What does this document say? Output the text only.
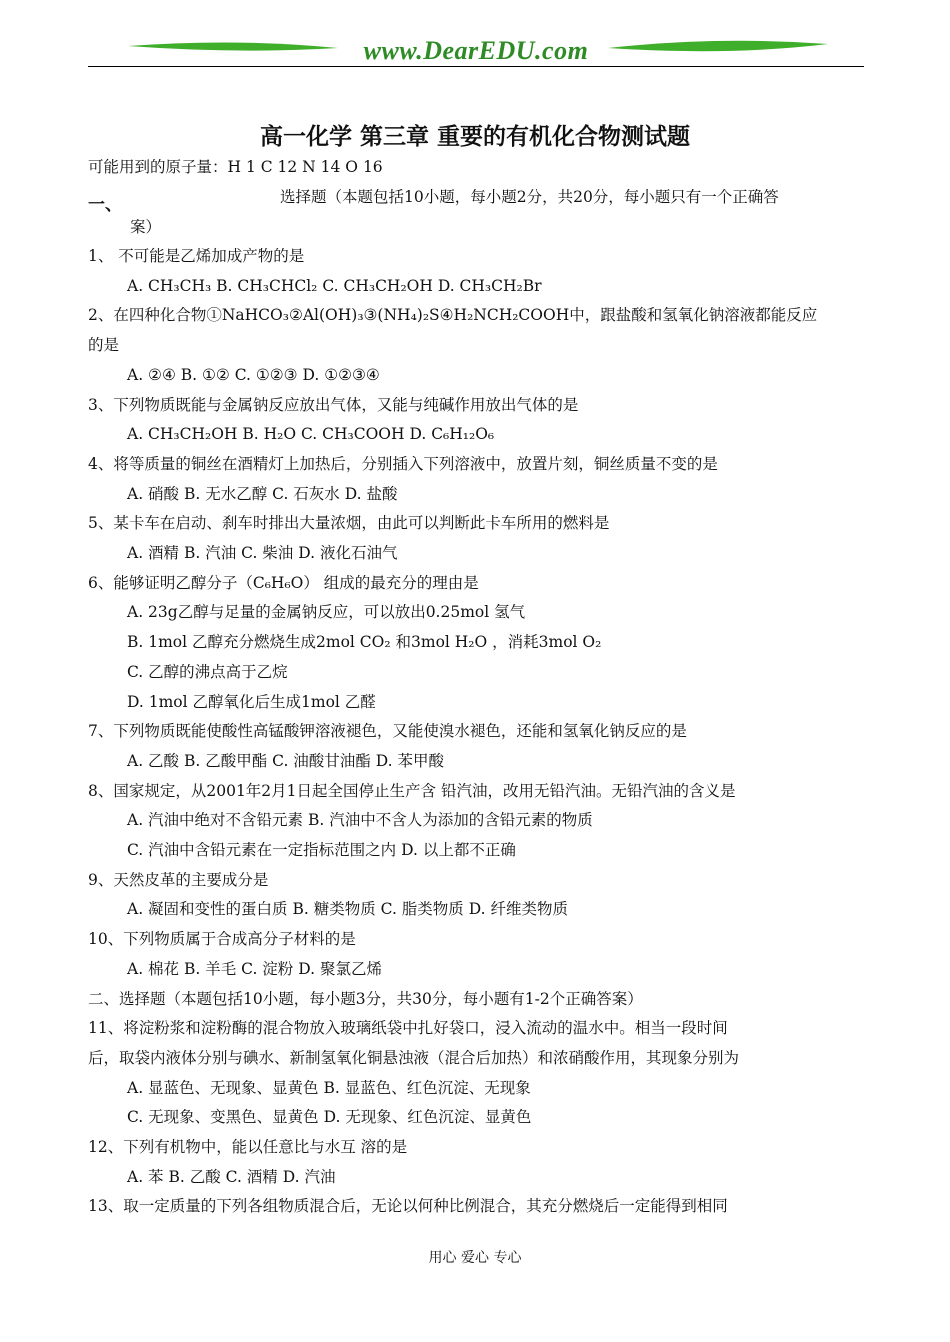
www.DearEDU.com
高一化学 第三章 重要的有机化合物测试题
可能用到的原子量：H 1 C 12 N 14 O 16
一、	选择题（本题包括10小题，每小题2分，共20分，每小题只有一个正确答
案）
1、 不可能是乙烯加成产物的是
A. CH₃CH₃ B. CH₃CHCl₂ C. CH₃CH₂OH D. CH₃CH₂Br
2、在四种化合物①NaHCO₃②Al(OH)₃③(NH₄)₂S④H₂NCH₂COOH中，跟盐酸和氢氧化钠溶液都能反应
的是
A. ②④ B. ①② C. ①②③ D. ①②③④
3、下列物质既能与金属钠反应放出气体，又能与纯碱作用放出气体的是
A. CH₃CH₂OH B. H₂O C. CH₃COOH D. C₆H₁₂O₆
4、将等质量的铜丝在酒精灯上加热后，分别插入下列溶液中，放置片刻，铜丝质量不变的是
A. 硝酸 B. 无水乙醇 C. 石灰水 D. 盐酸
5、某卡车在启动、刹车时排出大量浓烟，由此可以判断此卡车所用的燃料是
A. 酒精 B. 汽油 C. 柴油 D. 液化石油气
6、能够证明乙醇分子（C₆H₆O） 组成的最充分的理由是
A. 23g乙醇与足量的金属钠反应，可以放出0.25mol 氢气
B. 1mol 乙醇充分燃烧生成2mol CO₂ 和3mol H₂O ，消耗3mol O₂
C. 乙醇的沸点高于乙烷
D. 1mol 乙醇氧化后生成1mol 乙醛
7、下列物质既能使酸性高锰酸钾溶液褪色，又能使溴水褪色，还能和氢氧化钠反应的是
A. 乙酸 B. 乙酸甲酯 C. 油酸甘油酯 D. 苯甲酸
8、国家规定，从2001年2月1日起全国停止生产含 铅汽油，改用无铅汽油。无铅汽油的含义是
A. 汽油中绝对不含铅元素 B. 汽油中不含人为添加的含铅元素的物质
C. 汽油中含铅元素在一定指标范围之内 D. 以上都不正确
9、天然皮革的主要成分是
A. 凝固和变性的蛋白质 B. 糖类物质 C. 脂类物质 D. 纤维类物质
10、下列物质属于合成高分子材料的是
A. 棉花 B. 羊毛 C. 淀粉 D. 聚氯乙烯
二、选择题（本题包括10小题，每小题3分，共30分，每小题有1-2个正确答案）
11、将淀粉浆和淀粉酶的混合物放入玻璃纸袋中扎好袋口，浸入流动的温水中。相当一段时间
后，取袋内液体分别与碘水、新制氢氧化铜悬浊液（混合后加热）和浓硝酸作用，其现象分别为
A. 显蓝色、无现象、显黄色 B. 显蓝色、红色沉淀、无现象
C. 无现象、变黑色、显黄色 D. 无现象、红色沉淀、显黄色
12、下列有机物中，能以任意比与水互 溶的是
A. 苯 B. 乙酸 C. 酒精 D. 汽油
13、取一定质量的下列各组物质混合后，无论以何种比例混合，其充分燃烧后一定能得到相同
用心 爱心 专心
